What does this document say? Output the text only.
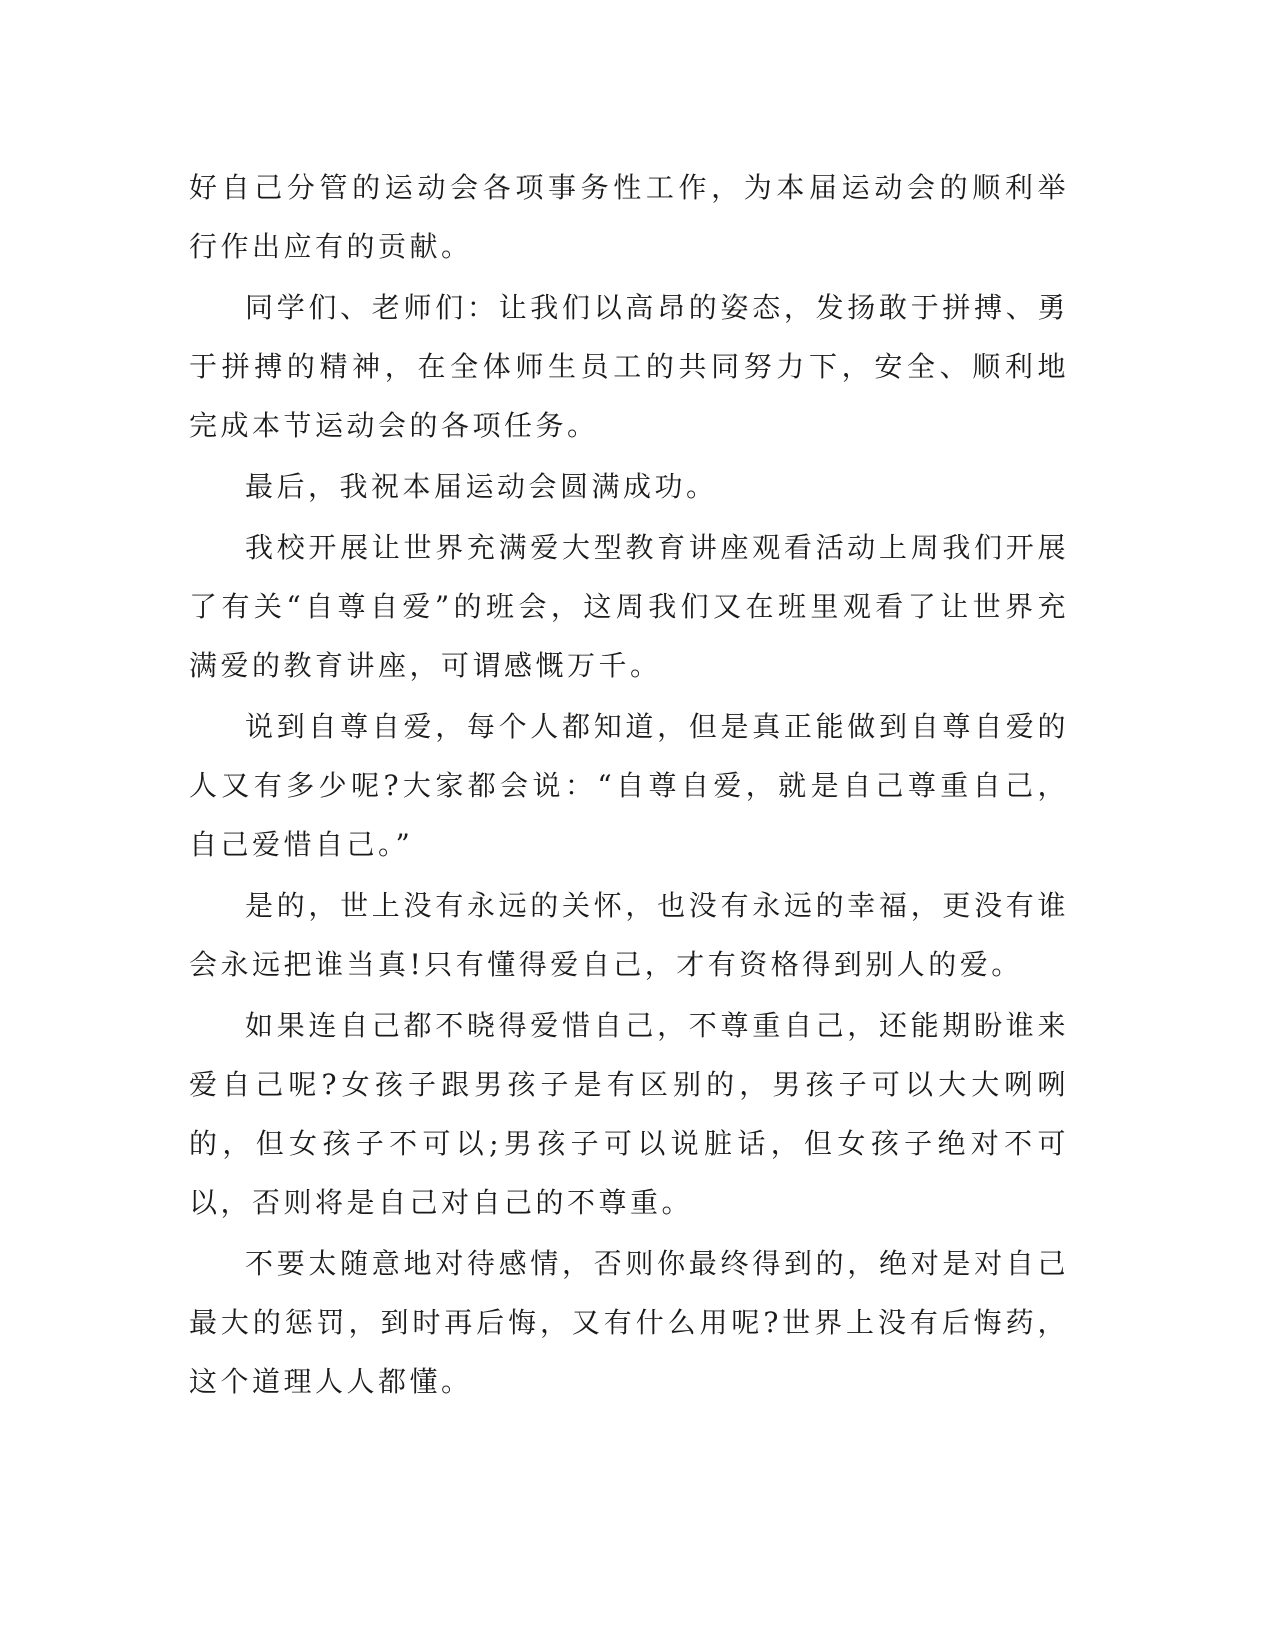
好自己分管的运动会各项事务性工作，为本届运动会的顺利举行作出应有的贡献。

同学们、老师们：让我们以高昂的姿态，发扬敢于拼搏、勇于拼搏的精神，在全体师生员工的共同努力下，安全、顺利地完成本节运动会的各项任务。

最后，我祝本届运动会圆满成功。

我校开展让世界充满爱大型教育讲座观看活动上周我们开展了有关“自尊自爱”的班会，这周我们又在班里观看了让世界充满爱的教育讲座，可谓感慨万千。

说到自尊自爱，每个人都知道，但是真正能做到自尊自爱的人又有多少呢?大家都会说：“自尊自爱，就是自己尊重自己，自己爱惜自己。”

是的，世上没有永远的关怀，也没有永远的幸福，更没有谁会永远把谁当真!只有懂得爱自己，才有资格得到别人的爱。

如果连自己都不晓得爱惜自己，不尊重自己，还能期盼谁来爱自己呢?女孩子跟男孩子是有区别的，男孩子可以大大咧咧的，但女孩子不可以;男孩子可以说脏话，但女孩子绝对不可以，否则将是自己对自己的不尊重。

不要太随意地对待感情，否则你最终得到的，绝对是对自己最大的惩罚，到时再后悔，又有什么用呢?世界上没有后悔药，这个道理人人都懂。
